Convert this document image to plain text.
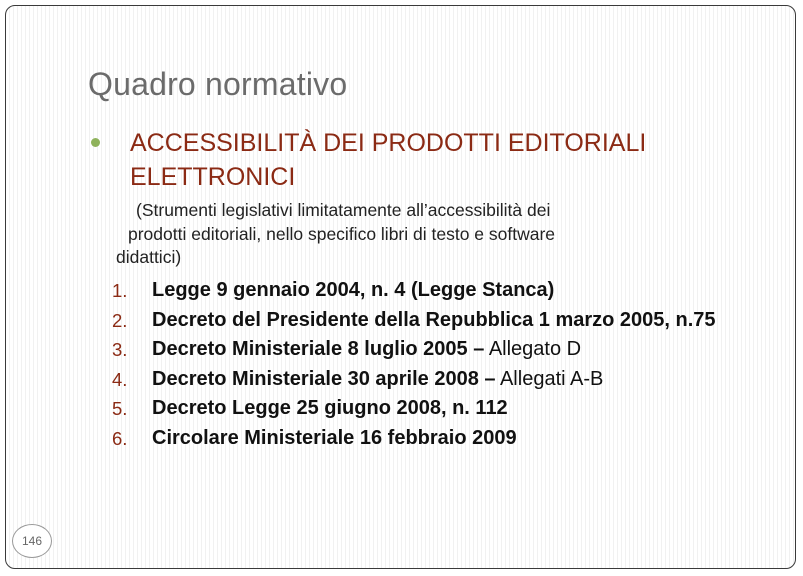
Quadro normativo
ACCESSIBILITÀ DEI PRODOTTI EDITORIALI
ELETTRONICI
(Strumenti legislativi limitatamente all’accessibilità dei
prodotti editoriali, nello specifico libri di testo e software
didattici)
1.	Legge 9 gennaio 2004, n. 4 (Legge Stanca)
2.	Decreto del Presidente della Repubblica 1 marzo 2005, n.75
3.	Decreto Ministeriale 8 luglio 2005 – Allegato D
4.	Decreto Ministeriale 30 aprile 2008 – Allegati A-B
5.	Decreto Legge 25 giugno 2008, n. 112
6.	Circolare Ministeriale 16 febbraio 2009
146
